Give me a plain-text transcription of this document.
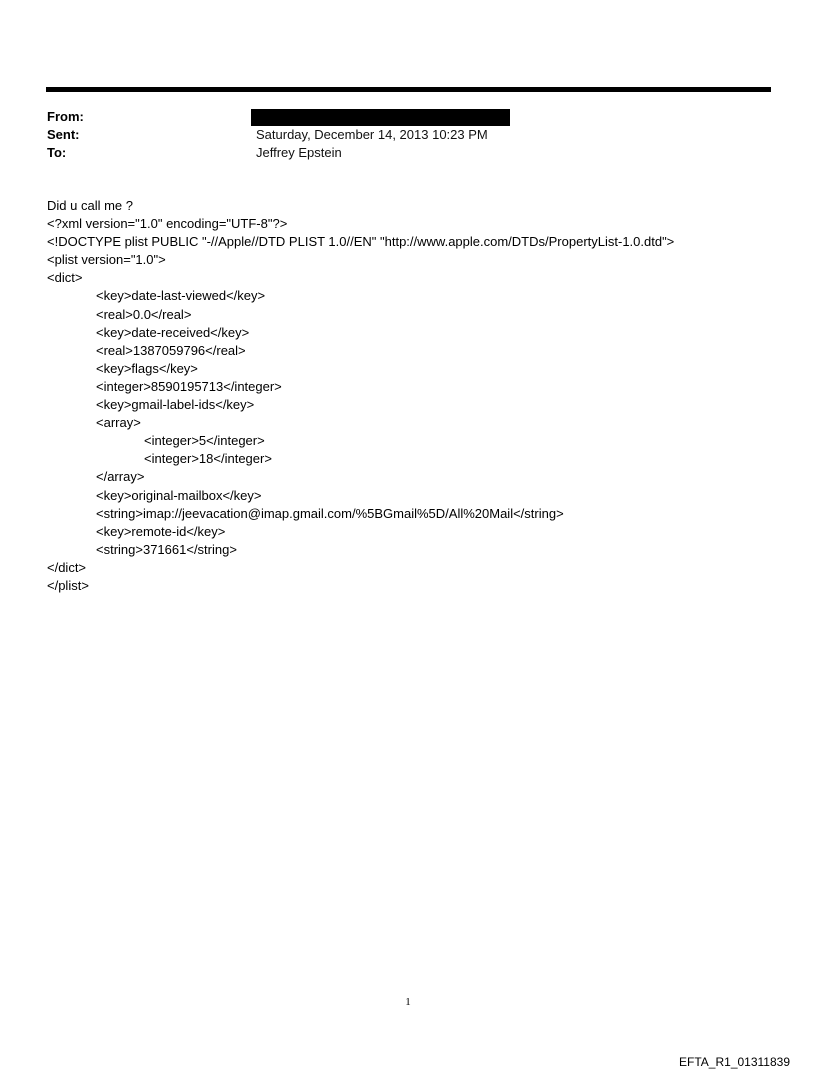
From:
Sent:	Saturday, December 14, 2013 10:23 PM
To:	Jeffrey Epstein
Did u call me ?
<?xml version="1.0" encoding="UTF-8"?>
<!DOCTYPE plist PUBLIC "-//Apple//DTD PLIST 1.0//EN" "http://www.apple.com/DTDs/PropertyList-1.0.dtd">
<plist version="1.0">
<dict>
<key>date-last-viewed</key>
<real>0.0</real>
<key>date-received</key>
<real>1387059796</real>
<key>flags</key>
<integer>8590195713</integer>
<key>gmail-label-ids</key>
<array>
<integer>5</integer>
<integer>18</integer>
</array>
<key>original-mailbox</key>
<string>imap://jeevacation@imap.gmail.com/%5BGmail%5D/All%20Mail</string>
<key>remote-id</key>
<string>371661</string>
</dict>
</plist>
1
EFTA_R1_01311839
